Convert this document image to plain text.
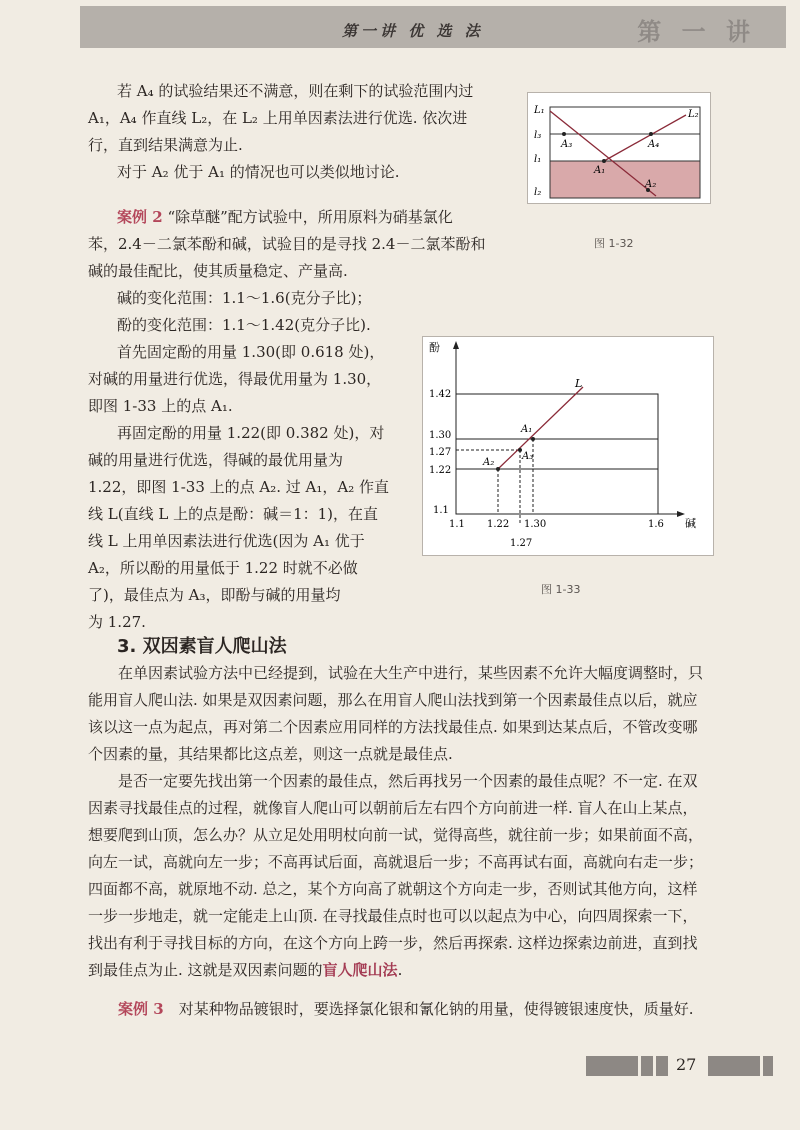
第一讲 优 选 法	第 一 讲
若 A₄ 的试验结果还不满意，则在剩下的试验范围内过
A₁，A₄ 作直线 L₂，在 L₂ 上用单因素法进行优选. 依次进
行，直到结果满意为止.
对于 A₂ 优于 A₁ 的情况也可以类似地讨论.
案例 2 “除草醚”配方试验中，所用原料为硝基氯化
苯，2.4－二氯苯酚和碱，试验目的是寻找 2.4－二氯苯酚和
碱的最佳配比，使其质量稳定、产量高.
碱的变化范围：1.1～1.6(克分子比)；
酚的变化范围：1.1～1.42(克分子比).
首先固定酚的用量 1.30(即 0.618 处)，
对碱的用量进行优选，得最优用量为 1.30，
即图 1-33 上的点 A₁.
再固定酚的用量 1.22(即 0.382 处)，对
碱的用量进行优选，得碱的最优用量为
1.22，即图 1-33 上的点 A₂. 过 A₁，A₂ 作直
线 L(直线 L 上的点是酚：碱＝1：1)，在直
线 L 上用单因素法进行优选(因为 A₁ 优于
A₂，所以酚的用量低于 1.22 时就不必做
了)，最佳点为 A₃，即酚与碱的用量均
为 1.27.
L₁
l₃
l₁
l₂
L₂
A₃
A₁
A₄
A₂
图 1-32
酚
碱
L
1.42
1.30
1.27
1.22
1.1
1.1 1.22 1.30	1.6
1.27
A₁
A₂
A₃
图 1-33
3. 双因素盲人爬山法
在单因素试验方法中已经提到，试验在大生产中进行，某些因素不允许大幅度调整时，只能用盲人爬山法. 如果是双因素问题，那么在用盲人爬山法找到第一个因素最佳点以后，就应该以这一点为起点，再对第二个因素应用同样的方法找最佳点. 如果到达某点后，不管改变哪个因素的量，其结果都比这点差，则这一点就是最佳点.
是否一定要先找出第一个因素的最佳点，然后再找另一个因素的最佳点呢？不一定. 在双因素寻找最佳点的过程，就像盲人爬山可以朝前后左右四个方向前进一样. 盲人在山上某点，想要爬到山顶，怎么办？从立足处用明杖向前一试，觉得高些，就往前一步；如果前面不高，向左一试，高就向左一步；不高再试后面，高就退后一步；不高再试右面，高就向右走一步；四面都不高，就原地不动. 总之，某个方向高了就朝这个方向走一步，否则试其他方向，这样一步一步地走，就一定能走上山顶. 在寻找最佳点时也可以以起点为中心，向四周探索一下，找出有利于寻找目标的方向，在这个方向上跨一步，然后再探索. 这样边探索边前进，直到找到最佳点为止. 这就是双因素问题的盲人爬山法.
案例 3　 对某种物品镀银时，要选择氯化银和氰化钠的用量，使得镀银速度快，质量好.
27
